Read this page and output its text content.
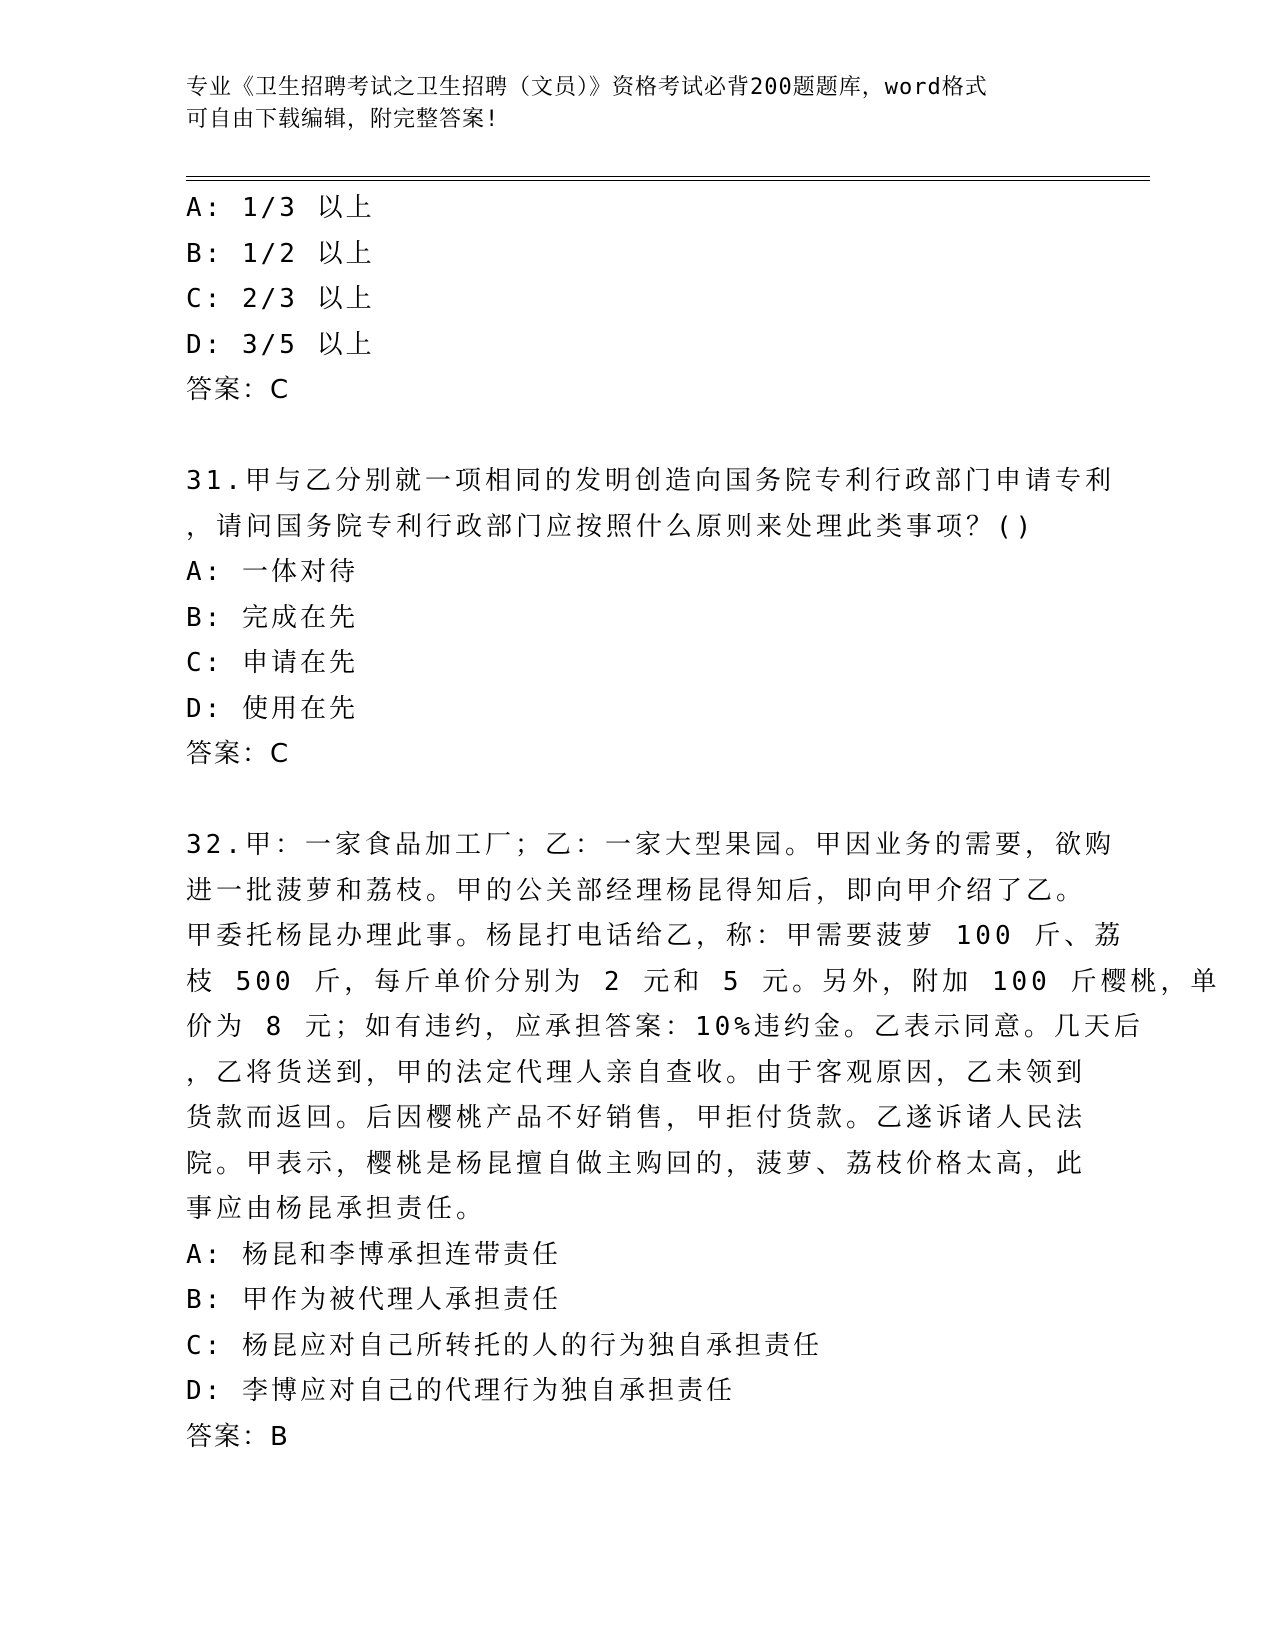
专业《卫生招聘考试之卫生招聘（文员）》资格考试必背200题题库，word格式
可自由下载编辑，附完整答案!
A: 1/3 以上
B: 1/2 以上
C: 2/3 以上
D: 3/5 以上
答案：C
31.甲与乙分别就一项相同的发明创造向国务院专利行政部门申请专利
，请问国务院专利行政部门应按照什么原则来处理此类事项？()
A: 一体对待
B: 完成在先
C: 申请在先
D: 使用在先
答案：C
32.甲：一家食品加工厂；乙：一家大型果园。甲因业务的需要，欲购
进一批菠萝和荔枝。甲的公关部经理杨昆得知后，即向甲介绍了乙。
甲委托杨昆办理此事。杨昆打电话给乙，称：甲需要菠萝 100 斤、荔
枝 500 斤，每斤单价分别为 2 元和 5 元。另外，附加 100 斤樱桃，单
价为 8 元；如有违约，应承担答案：10%违约金。乙表示同意。几天后
，乙将货送到，甲的法定代理人亲自查收。由于客观原因，乙未领到
货款而返回。后因樱桃产品不好销售，甲拒付货款。乙遂诉诸人民法
院。甲表示，樱桃是杨昆擅自做主购回的，菠萝、荔枝价格太高，此
事应由杨昆承担责任。
A: 杨昆和李博承担连带责任
B: 甲作为被代理人承担责任
C: 杨昆应对自己所转托的人的行为独自承担责任
D: 李博应对自己的代理行为独自承担责任
答案：B
